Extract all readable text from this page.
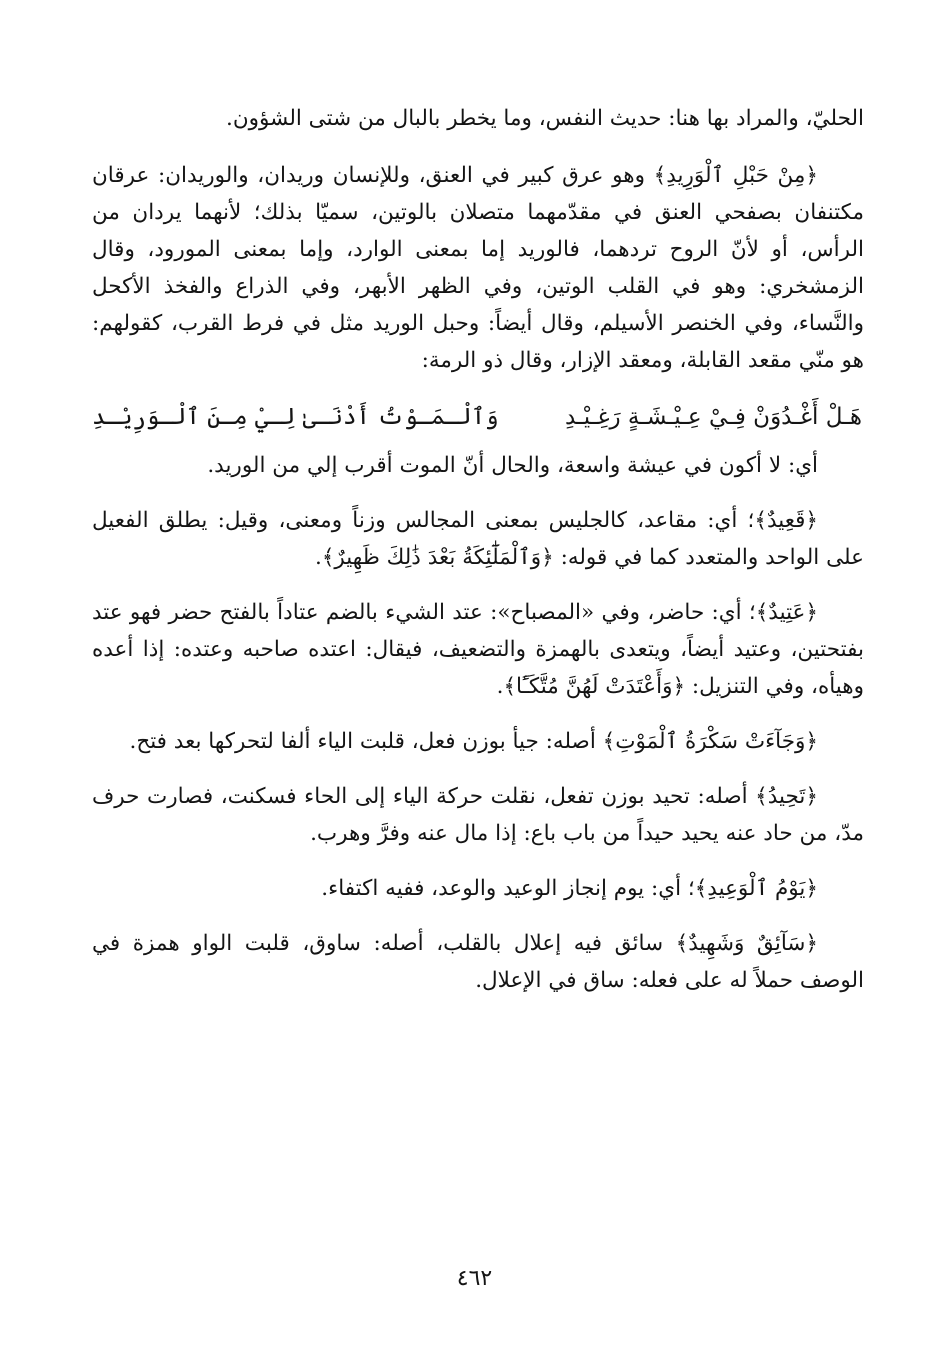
الحليّ، والمراد بها هنا: حديث النفس، وما يخطر بالبال من شتى الشؤون.

﴿مِنْ حَبْلِ ٱلْوَرِيدِ﴾ وهو عرق كبير في العنق، وللإنسان وريدان، والوريدان: عرقان مكتنفان بصفحي العنق في مقدّمهما متصلان بالوتين، سميّا بذلك؛ لأنهما يردان من الرأس، أو لأنّ الروح تردهما، فالوريد إما بمعنى الوارد، وإما بمعنى المورود، وقال الزمشخري: وهو في القلب الوتين، وفي الظهر الأبهر، وفي الذراع والفخذ الأكحل والنَّساء، وفي الخنصر الأسيلم، وقال أيضاً: وحبل الوريد مثل في فرط القرب، كقولهم: هو منّي مقعد القابلة، ومعقد الإزار، وقال ذو الرمة:

هَـلْ أَغْـدُوَنْ فِـيْ عِـيْـشَـةٍ رَغِـيْـدِ
وَٱلْـمَـوْتُ أَدْنَـىٰ لِـيْ مِـنَ ٱلْـوَرِيْـدِ

أي: لا أكون في عيشة واسعة، والحال أنّ الموت أقرب إلي من الوريد.

﴿قَعِيدٌ﴾؛ أي: مقاعد، كالجليس بمعنى المجالس وزناً ومعنى، وقيل: يطلق الفعيل على الواحد والمتعدد كما في قوله: ﴿وَٱلْمَلَٰٓئِكَةُ بَعْدَ ذَٰلِكَ ظَهِيرٌ﴾.

﴿عَتِيدٌ﴾؛ أي: حاضر، وفي «المصباح»: عتد الشيء بالضم عتاداً بالفتح حضر فهو عتد بفتحتين، وعتيد أيضاً، ويتعدى بالهمزة والتضعيف، فيقال: اعتده صاحبه وعتده: إذا أعده وهيأه، وفي التنزيل: ﴿وَأَعْتَدَتْ لَهُنَّ مُتَّكَـًٔا﴾.

﴿وَجَآءَتْ سَكْرَةُ ٱلْمَوْتِ﴾ أصله: جيأ بوزن فعل، قلبت الياء ألفا لتحركها بعد فتح.

﴿تَحِيدُ﴾ أصله: تحيد بوزن تفعل، نقلت حركة الياء إلى الحاء فسكنت، فصارت حرف مدّ، من حاد عنه يحيد حيداً من باب باع: إذا مال عنه وفرَّ وهرب.

﴿يَوْمُ ٱلْوَعِيدِ﴾؛ أي: يوم إنجاز الوعيد والوعد، ففيه اكتفاء.

﴿سَآئِقٌ وَشَهِيدٌ﴾ سائق فيه إعلال بالقلب، أصله: ساوق، قلبت الواو همزة في الوصف حملاً له على فعله: ساق في الإعلال.

٤٦٢
